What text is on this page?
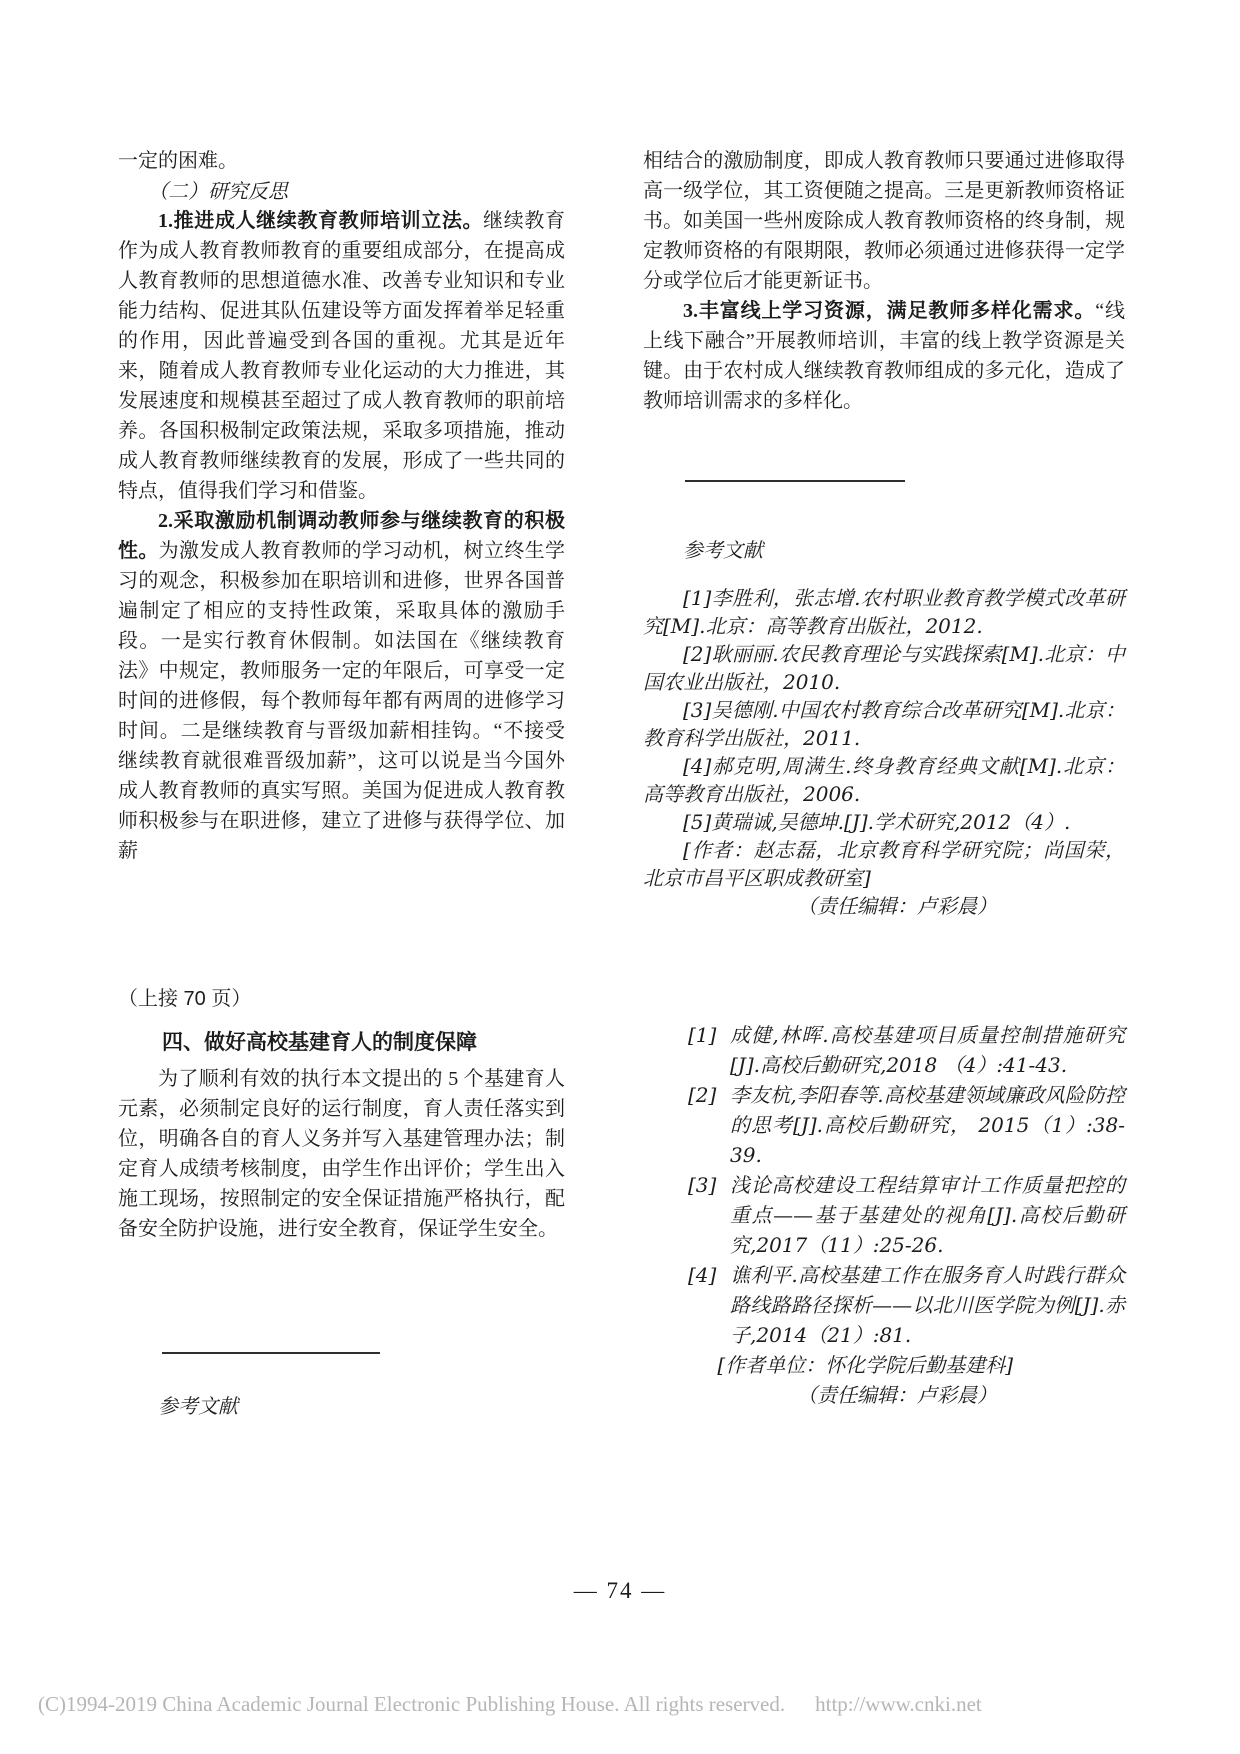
一定的困难。

（二）研究反思

1.推进成人继续教育教师培训立法。继续教育作为成人教育教师教育的重要组成部分，在提高成人教育教师的思想道德水准、改善专业知识和专业能力结构、促进其队伍建设等方面发挥着举足轻重的作用，因此普遍受到各国的重视。尤其是近年来，随着成人教育教师专业化运动的大力推进，其发展速度和规模甚至超过了成人教育教师的职前培养。各国积极制定政策法规，采取多项措施，推动成人教育教师继续教育的发展，形成了一些共同的特点，值得我们学习和借鉴。

2.采取激励机制调动教师参与继续教育的积极性。为激发成人教育教师的学习动机，树立终生学习的观念，积极参加在职培训和进修，世界各国普遍制定了相应的支持性政策，采取具体的激励手段。一是实行教育休假制。如法国在《继续教育法》中规定，教师服务一定的年限后，可享受一定时间的进修假，每个教师每年都有两周的进修学习时间。二是继续教育与晋级加薪相挂钩。“不接受继续教育就很难晋级加薪”，这可以说是当今国外成人教育教师的真实写照。美国为促进成人教育教师积极参与在职进修，建立了进修与获得学位、加薪

相结合的激励制度，即成人教育教师只要通过进修取得高一级学位，其工资便随之提高。三是更新教师资格证书。如美国一些州废除成人教育教师资格的终身制，规定教师资格的有限期限，教师必须通过进修获得一定学分或学位后才能更新证书。

3.丰富线上学习资源，满足教师多样化需求。“线上线下融合”开展教师培训，丰富的线上教学资源是关键。由于农村成人继续教育教师组成的多元化，造成了教师培训需求的多样化。

参考文献

[1]李胜利，张志增.农村职业教育教学模式改革研究[M].北京：高等教育出版社，2012.

[2]耿丽丽.农民教育理论与实践探索[M].北京：中国农业出版社，2010.

[3]吴德刚.中国农村教育综合改革研究[M].北京：教育科学出版社，2011.

[4]郝克明,周满生.终身教育经典文献[M].北京：高等教育出版社，2006.

[5]黄瑞诚,吴德坤.[J].学术研究,2012（4）.

[作者：赵志磊，北京教育科学研究院；尚国荣，北京市昌平区职成教研室]

（责任编辑：卢彩晨）

（上接 70 页）
四、做好高校基建育人的制度保障

为了顺利有效的执行本文提出的 5 个基建育人元素，必须制定良好的运行制度，育人责任落实到位，明确各自的育人义务并写入基建管理办法；制定育人成绩考核制度，由学生作出评价；学生出入施工现场，按照制定的安全保证措施严格执行，配备安全防护设施，进行安全教育，保证学生安全。

参考文献
[1] 成健,林晖.高校基建项目质量控制措施研究[J].高校后勤研究,2018 （4）:41-43.
[2] 李友杭,李阳春等.高校基建领域廉政风险防控的思考[J].高校后勤研究， 2015（1）:38-39.
[3] 浅论高校建设工程结算审计工作质量把控的重点——基于基建处的视角[J].高校后勤研究,2017（11）:25-26.
[4] 谯利平.高校基建工作在服务育人时践行群众路线路路径探析——以北川医学院为例[J].赤子,2014（21）:81.

[作者单位：怀化学院后勤基建科]

（责任编辑：卢彩晨）

— 74 —
(C)1994-2019 China Academic Journal Electronic Publishing House. All rights reserved. http://www.cnki.net
